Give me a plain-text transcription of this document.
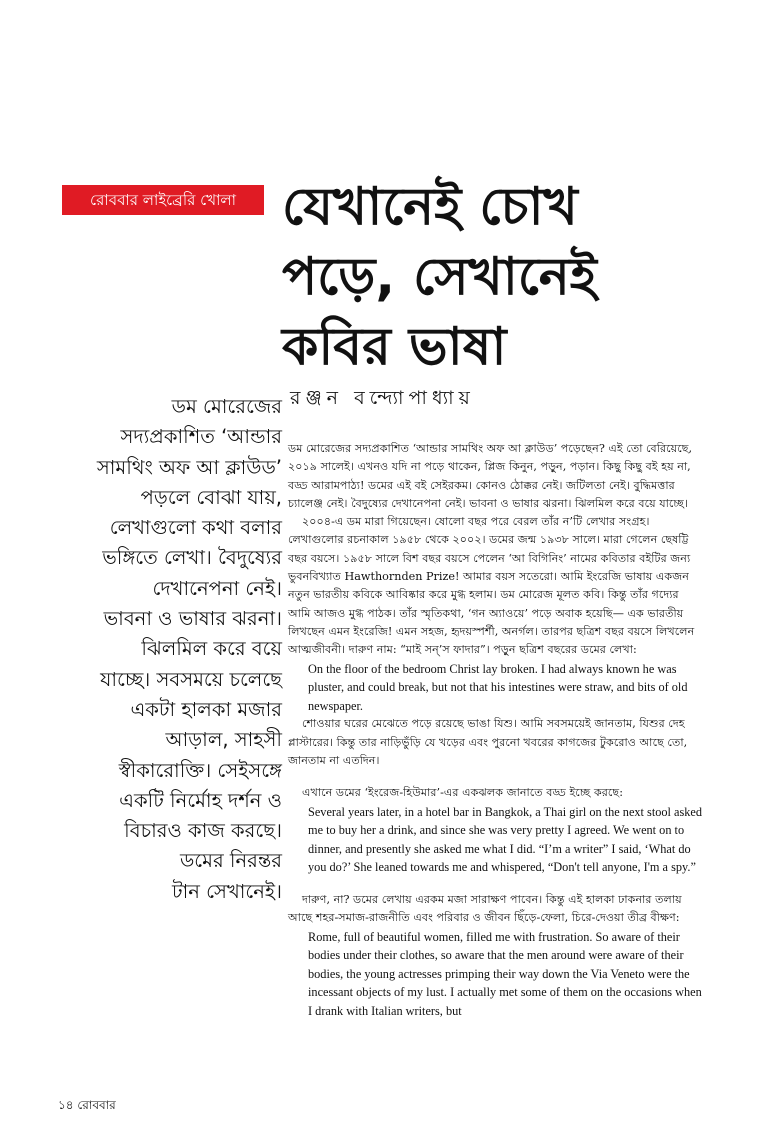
রোববার লাইব্রেরি খোলা যেখানেই চোখ
পড়ে, সেখানেই
কবির ভাষা
রঞ্জন বন্দ্যোপাধ্যায়
ডম মোরেজের
সদ্যপ্রকাশিত ‘আন্ডার
সামথিং অফ আ ক্লাউড’
পড়লে বোঝা যায়,
লেখাগুলো কথা বলার
ভঙ্গিতে লেখা। বৈদুষ্যের
দেখানেপনা নেই।
ভাবনা ও ভাষার ঝরনা।
ঝিলমিল করে বয়ে
যাচ্ছে। সবসময়ে চলেছে
একটা হালকা মজার
আড়াল, সাহসী
স্বীকারোক্তি। সেইসঙ্গে
একটি নির্মোহ দর্শন ও
বিচারও কাজ করছে।
ডমের নিরন্তর
টান সেখানেই।

ডম মোরেজের সদ্যপ্রকাশিত ‘আন্ডার সামথিং অফ আ ক্লাউড’ পড়েছেন? এই তো বেরিয়েছে, ২০১৯ সালেই। এখনও যদি না পড়ে থাকেন, প্লিজ কিনুন, পড়ুন, পড়ান। কিছু কিছু বই হয় না, বড্ড আরামপাঠ্য! ডমের এই বই সেইরকম। কোনও ঠোক্কর নেই। জটিলতা নেই। বুদ্ধিমত্তার চ্যালেঞ্জ নেই। বৈদুষ্যের দেখানেপনা নেই। ভাবনা ও ভাষার ঝরনা। ঝিলমিল করে বয়ে যাচ্ছে।

২০০৪-এ ডম মারা গিয়েছেন। ষোলো বছর পরে বেরল তাঁর ন’টি লেখার সংগ্রহ। লেখাগুলোর রচনাকাল ১৯৫৮ থেকে ২০০২। ডমের জন্ম ১৯৩৮ সালে। মারা গেলেন ছেষট্টি বছর বয়সে। ১৯৫৮ সালে বিশ বছর বয়সে পেলেন ‘আ বিগিনিং’ নামের কবিতার বইটির জন্য ভুবনবিখ্যাত Hawthornden Prize! আমার বয়স সতেরো। আমি ইংরেজি ভাষায় একজন নতুন ভারতীয় কবিকে আবিষ্কার করে মুগ্ধ হলাম। ডম মোরেজ মূলত কবি। কিন্তু তাঁর গদ্যের আমি আজও মুগ্ধ পাঠক। তাঁর স্মৃতিকথা, ‘গন অ্যাওয়ে’ পড়ে অবাক হয়েছি— এক ভারতীয় লিখছেন এমন ইংরেজি! এমন সহজ, হৃদয়স্পর্শী, অনর্গল। তারপর ছত্রিশ বছর বয়সে লিখলেন আত্মজীবনী। দারুণ নাম: “মাই সন্’স ফাদার”। পড়ুন ছত্রিশ বছরের ডমের লেখা:

On the floor of the bedroom Christ lay broken. I had always known he was pluster, and could break, but not that his intestines were straw, and bits of old newspaper.

শোওয়ার ঘরের মেঝেতে পড়ে রয়েছে ভাঙা যিশু। আমি সবসময়েই জানতাম, যিশুর দেহ প্লাস্টারের। কিন্তু তার নাড়িভুঁড়ি যে খড়ের এবং পুরনো খবরের কাগজের টুকরোও আছে তাে, জানতাম না এতদিন।

এখানে ডমের ‘ইংরেজ-হিউমার’-এর একঝলক জানাতে বড্ড ইচ্ছে করছে:

Several years later, in a hotel bar in Bangkok, a Thai girl on the next stool asked me to buy her a drink, and since she was very pretty I agreed. We went on to dinner, and presently she asked me what I did. “I’m a writer” I said, ‘What do you do?’ She leaned towards me and whispered, “Don't tell anyone, I'm a spy.”

দারুণ, না? ডমের লেখায় এরকম মজা সারাক্ষণ পাবেন। কিন্তু এই হালকা ঢাকনার তলায় আছে শহর-সমাজ-রাজনীতি এবং পরিবার ও জীবন ছিঁড়ে-ফেলা, চিরে-দেওয়া তীব্র বীক্ষণ:

Rome, full of beautiful women, filled me with frustration. So aware of their bodies under their clothes, so aware that the men around were aware of their bodies, the young actresses primping their way down the Via Veneto were the incessant objects of my lust. I actually met some of them on the occasions when I drank with Italian writers, but

১৪ রোববার
